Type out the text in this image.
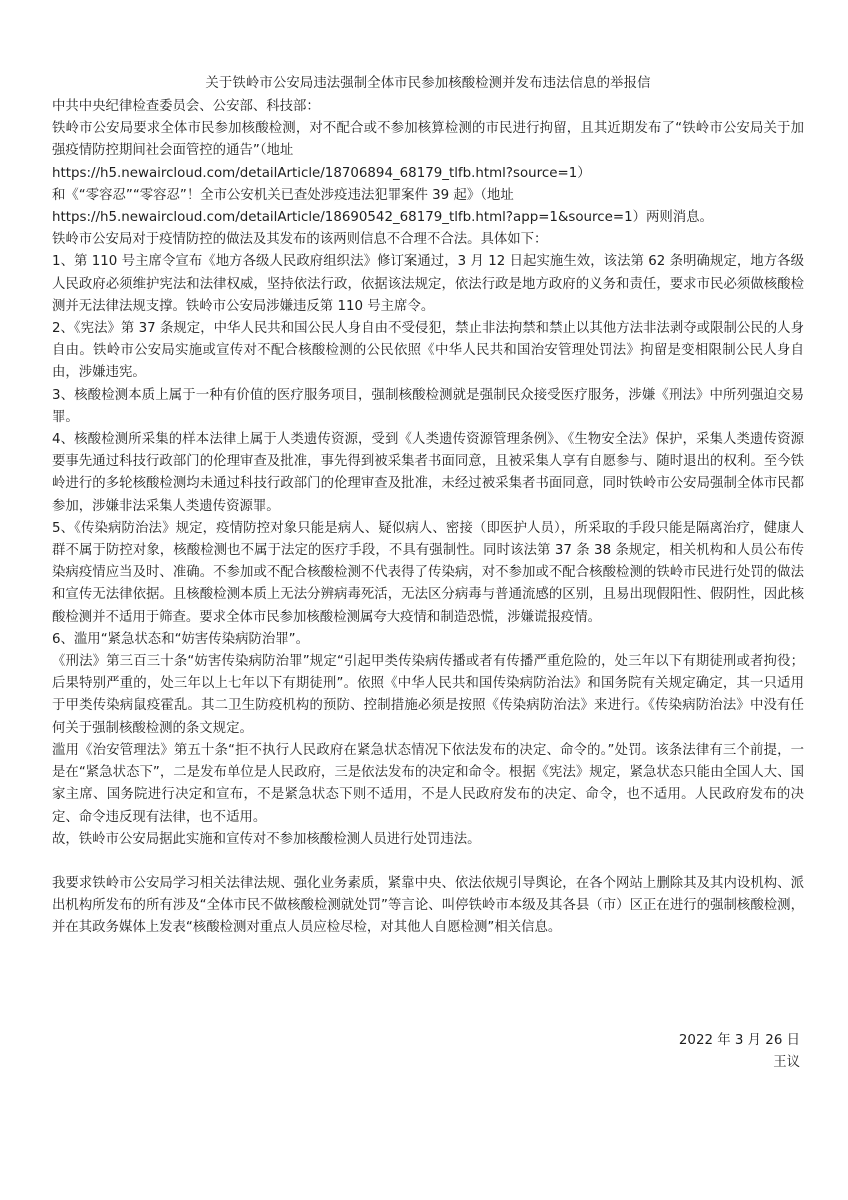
关于铁岭市公安局违法强制全体市民参加核酸检测并发布违法信息的举报信

中共中央纪律检查委员会、公安部、科技部：

铁岭市公安局要求全体市民参加核酸检测，对不配合或不参加核算检测的市民进行拘留，且其近期发布了“铁岭市公安局关于加强疫情防控期间社会面管控的通告”（地址

https://h5.newaircloud.com/detailArticle/18706894_68179_tlfb.html?source=1）

和《“零容忍”“零容忍”！全市公安机关已查处涉疫违法犯罪案件 39 起》（地址

https://h5.newaircloud.com/detailArticle/18690542_68179_tlfb.html?app=1&source=1）两则消息。

铁岭市公安局对于疫情防控的做法及其发布的该两则信息不合理不合法。具体如下：

1、第 110 号主席令宣布《地方各级人民政府组织法》修订案通过，3 月 12 日起实施生效，该法第 62 条明确规定，地方各级人民政府必须维护宪法和法律权威，坚持依法行政，依据该法规定，依法行政是地方政府的义务和责任，要求市民必须做核酸检测并无法律法规支撑。铁岭市公安局涉嫌违反第 110 号主席令。

2、《宪法》第 37 条规定，中华人民共和国公民人身自由不受侵犯，禁止非法拘禁和禁止以其他方法非法剥夺或限制公民的人身自由。铁岭市公安局实施或宣传对不配合核酸检测的公民依照《中华人民共和国治安管理处罚法》拘留是变相限制公民人身自由，涉嫌违宪。

3、核酸检测本质上属于一种有价值的医疗服务项目，强制核酸检测就是强制民众接受医疗服务，涉嫌《刑法》中所列强迫交易罪。

4、核酸检测所采集的样本法律上属于人类遗传资源，受到《人类遗传资源管理条例》、《生物安全法》保护，采集人类遗传资源要事先通过科技行政部门的伦理审查及批准，事先得到被采集者书面同意，且被采集人享有自愿参与、随时退出的权利。至今铁岭进行的多轮核酸检测均未通过科技行政部门的伦理审查及批准，未经过被采集者书面同意，同时铁岭市公安局强制全体市民都参加，涉嫌非法采集人类遗传资源罪。

5、《传染病防治法》规定，疫情防控对象只能是病人、疑似病人、密接（即医护人员），所采取的手段只能是隔离治疗，健康人群不属于防控对象，核酸检测也不属于法定的医疗手段，不具有强制性。同时该法第 37 条 38 条规定，相关机构和人员公布传染病疫情应当及时、准确。不参加或不配合核酸检测不代表得了传染病，对不参加或不配合核酸检测的铁岭市民进行处罚的做法和宣传无法律依据。且核酸检测本质上无法分辨病毒死活，无法区分病毒与普通流感的区别，且易出现假阳性、假阴性，因此核酸检测并不适用于筛查。要求全体市民参加核酸检测属夸大疫情和制造恐慌，涉嫌谎报疫情。

6、滥用“紧急状态和“妨害传染病防治罪”。

《刑法》第三百三十条“妨害传染病防治罪”规定“引起甲类传染病传播或者有传播严重危险的，处三年以下有期徒刑或者拘役；后果特别严重的，处三年以上七年以下有期徒刑”。依照《中华人民共和国传染病防治法》和国务院有关规定确定，其一只适用于甲类传染病鼠疫霍乱。其二卫生防疫机构的预防、控制措施必须是按照《传染病防治法》来进行。《传染病防治法》中没有任何关于强制核酸检测的条文规定。

滥用《治安管理法》第五十条“拒不执行人民政府在紧急状态情况下依法发布的决定、命令的。”处罚。该条法律有三个前提，一是在“紧急状态下”，二是发布单位是人民政府，三是依法发布的决定和命令。根据《宪法》规定，紧急状态只能由全国人大、国家主席、国务院进行决定和宣布，不是紧急状态下则不适用，不是人民政府发布的决定、命令，也不适用。人民政府发布的决定、命令违反现有法律，也不适用。

故，铁岭市公安局据此实施和宣传对不参加核酸检测人员进行处罚违法。

我要求铁岭市公安局学习相关法律法规、强化业务素质，紧靠中央、依法依规引导舆论，在各个网站上删除其及其内设机构、派出机构所发布的所有涉及“全体市民不做核酸检测就处罚”等言论、叫停铁岭市本级及其各县（市）区正在进行的强制核酸检测，并在其政务媒体上发表“核酸检测对重点人员应检尽检，对其他人自愿检测”相关信息。

2022 年 3 月 26 日
王议
